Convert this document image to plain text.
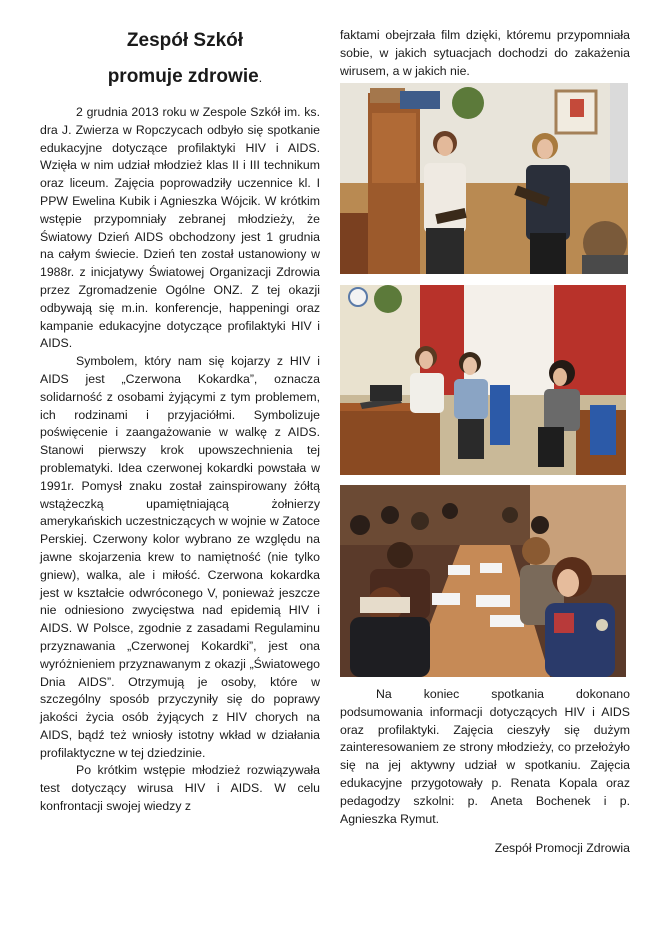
Zespół Szkół
promuje zdrowie.

2 grudnia 2013 roku w Zespole Szkół im. ks. dra J. Zwierza w Ropczycach odbyło się spotkanie edukacyjne dotyczące profilaktyki HIV i AIDS. Wzięła w nim udział młodzież klas II i III technikum oraz liceum. Zajęcia poprowadziły uczennice kl. I PPW Ewelina Kubik i Agnieszka Wójcik. W krótkim wstępie przypomniały zebranej młodzieży, że Światowy Dzień AIDS obchodzony jest 1 grudnia na całym świecie. Dzień ten został ustanowiony w 1988r. z inicjatywy Światowej Organizacji Zdrowia przez Zgromadzenie Ogólne ONZ. Z tej okazji odbywają się m.in. konferencje, happeningi oraz kampanie edukacyjne dotyczące profilaktyki HIV i AIDS.

Symbolem, który nam się kojarzy z HIV i AIDS jest „Czerwona Kokardka”, oznacza solidarność z osobami żyjącymi z tym problemem, ich rodzinami i przyjaciółmi. Symbolizuje poświęcenie i zaangażowanie w walkę z AIDS. Stanowi pierwszy krok upowszechnienia tej problematyki. Idea czerwonej kokardki powstała w 1991r. Pomysł znaku został zainspirowany żółtą wstążeczką upamiętniającą żołnierzy amerykańskich uczestniczących w wojnie w Zatoce Perskiej. Czerwony kolor wybrano ze względu na jawne skojarzenia krew to namiętność (nie tylko gniew), walka, ale i miłość. Czerwona kokardka jest w kształcie odwróconego V, ponieważ jeszcze nie odniesiono zwycięstwa nad epidemią HIV i AIDS. W Polsce, zgodnie z zasadami Regulaminu przyznawania „Czerwonej Kokardki”, jest ona wyróżnieniem przyznawanym z okazji „Światowego Dnia AIDS”. Otrzymują je osoby, które w szczególny sposób przyczyniły się do poprawy jakości życia osób żyjących z HIV chorych na AIDS, bądź też wniosły istotny wkład w działania profilaktyczne w tej dziedzinie.

Po krótkim wstępie młodzież rozwiązywała test dotyczący wirusa HIV i AIDS. W celu konfrontacji swojej wiedzy z

faktami obejrzała film dzięki, któremu przypomniała sobie, w jakich sytuacjach dochodzi do zakażenia wirusem, a w jakich nie.

Na koniec spotkania dokonano podsumowania informacji dotyczących HIV i AIDS oraz profilaktyki. Zajęcia cieszyły się dużym zainteresowaniem ze strony młodzieży, co przełożyło się na jej aktywny udział w spotkaniu. Zajęcia edukacyjne przygotowały p. Renata Kopala oraz pedagodzy szkolni: p. Aneta Bochenek i p. Agnieszka Rymut.

Zespół Promocji Zdrowia
